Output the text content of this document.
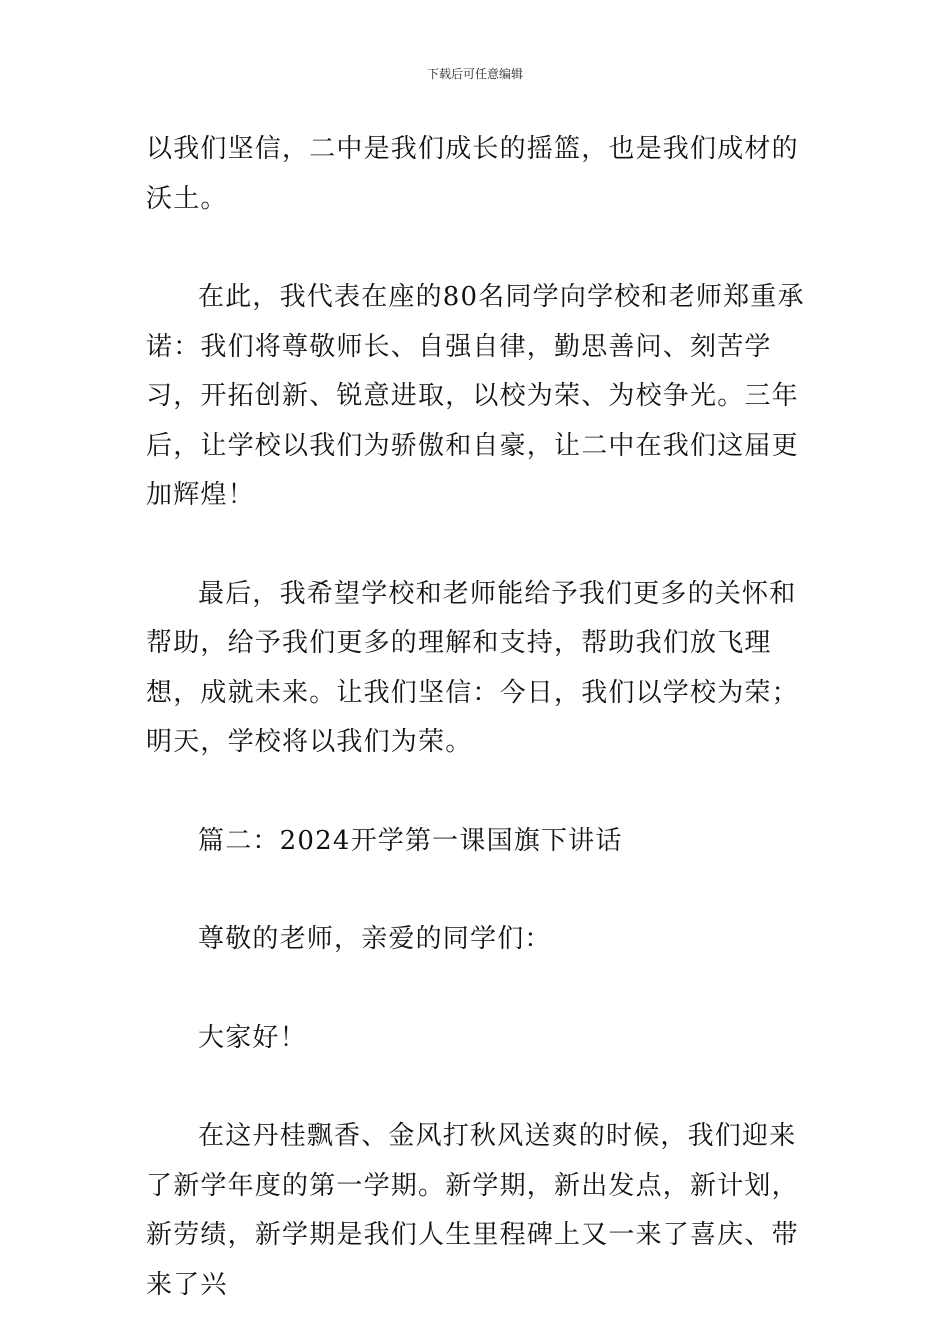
下载后可任意编辑

以我们坚信，二中是我们成长的摇篮，也是我们成材的沃土。

在此，我代表在座的80名同学向学校和老师郑重承诺：我们将尊敬师长、自强自律，勤思善问、刻苦学习，开拓创新、锐意进取，以校为荣、为校争光。三年后，让学校以我们为骄傲和自豪，让二中在我们这届更加辉煌！

最后，我希望学校和老师能给予我们更多的关怀和帮助，给予我们更多的理解和支持，帮助我们放飞理想，成就未来。让我们坚信：今日，我们以学校为荣；明天，学校将以我们为荣。

篇二：2024开学第一课国旗下讲话

尊敬的老师，亲爱的同学们：

大家好！

在这丹桂飘香、金风打秋风送爽的时候，我们迎来了新学年度的第一学期。新学期，新出发点，新计划，新劳绩，新学期是我们人生里程碑上又一来了喜庆、带来了兴
